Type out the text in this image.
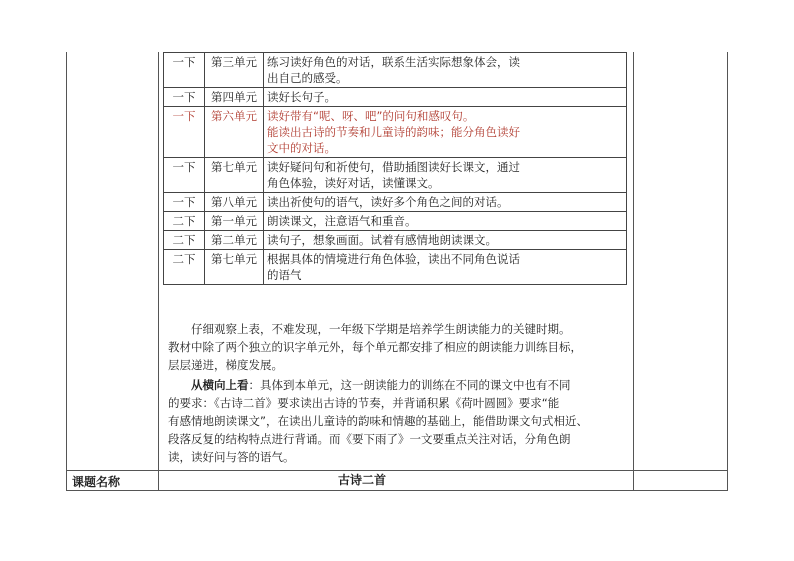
一下	第三单元	练习读好角色的对话，联系生活实际想象体会，读
出自己的感受。

一下	第四单元	读好长句子。

一下	第六单元	读好带有“呢、呀、吧”的问句和感叹句。
能读出古诗的节奏和儿童诗的韵味；能分角色读好
文中的对话。

一下	第七单元	读好疑问句和祈使句，借助插图读好长课文，通过
角色体验，读好对话，读懂课文。

一下	第八单元	读出祈使句的语气，读好多个角色之间的对话。

二下	第一单元	朗读课文，注意语气和重音。

二下	第二单元	读句子，想象画面。试着有感情地朗读课文。

二下	第七单元	根据具体的情境进行角色体验，读出不同角色说话
的语气
仔细观察上表，不难发现，一年级下学期是培养学生朗读能力的关键时期。
教材中除了两个独立的识字单元外，每个单元都安排了相应的朗读能力训练目标，
层层递进，梯度发展。
从横向上看：具体到本单元，这一朗读能力的训练在不同的课文中也有不同
的要求：《古诗二首》要求读出古诗的节奏，并背诵积累《荷叶圆圆》要求“能
有感情地朗读课文”，在读出儿童诗的韵味和情趣的基础上，能借助课文句式相近、
段落反复的结构特点进行背诵。而《要下雨了》一文要重点关注对话，分角色朗
读，读好问与答的语气。
课题名称	古诗二首
